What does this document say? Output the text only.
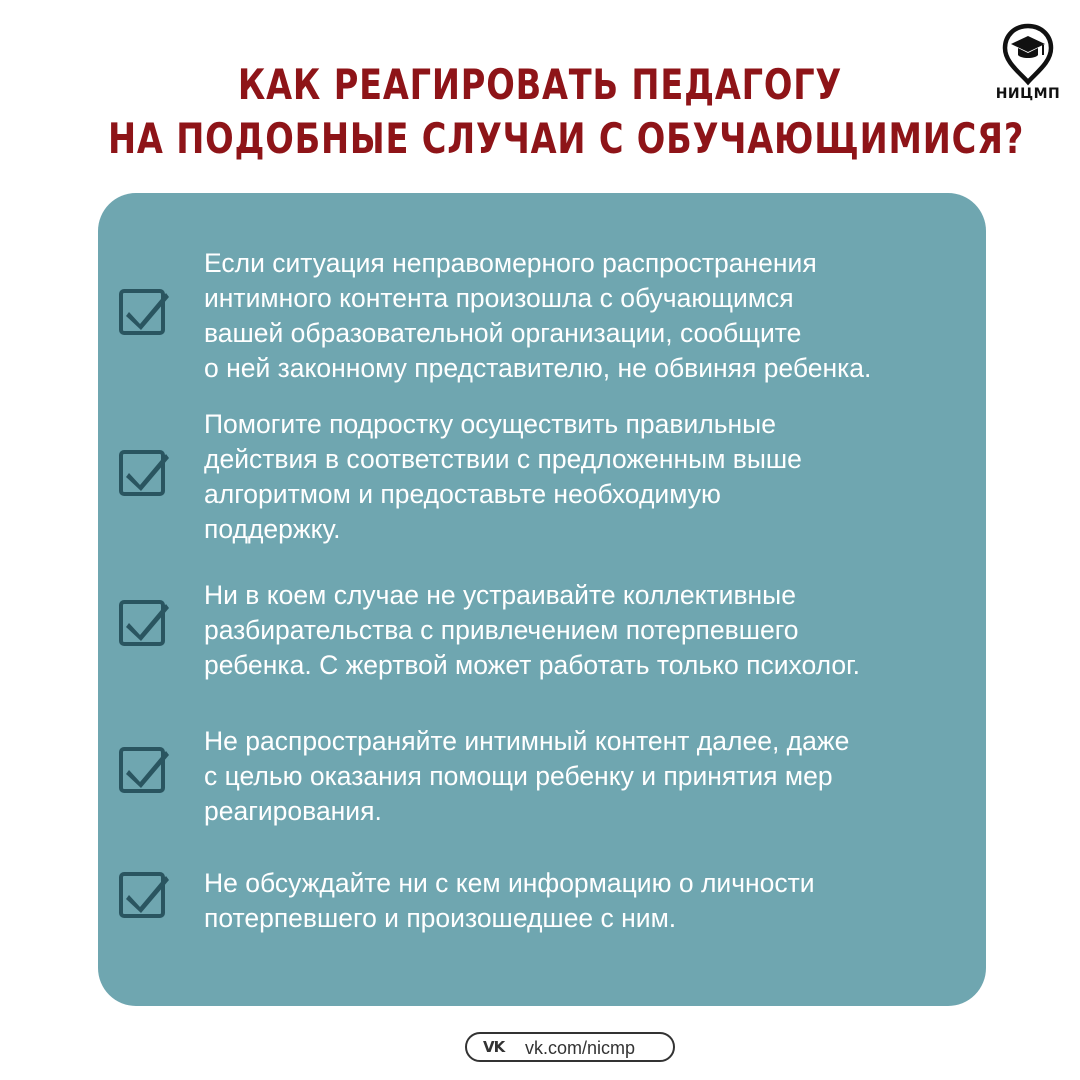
КАК РЕАГИРОВАТЬ ПЕДАГОГУ
НА ПОДОБНЫЕ СЛУЧАИ С ОБУЧАЮЩИМИСЯ?
НИЦМП

Если ситуация неправомерного распространения
интимного контента произошла с обучающимся
вашей образовательной организации, сообщите
о ней законному представителю, не обвиняя ребенка.

Помогите подростку осуществить правильные
действия в соответствии с предложенным выше
алгоритмом и предоставьте необходимую
поддержку.

Ни в коем случае не устраивайте коллективные
разбирательства с привлечением потерпевшего
ребенка. С жертвой может работать только психолог.

Не распространяйте интимный контент далее, даже
с целью оказания помощи ребенку и принятия мер
реагирования.

Не обсуждайте ни с кем информацию о личности
потерпевшего и произошедшее с ним.

VK vk.com/nicmp
